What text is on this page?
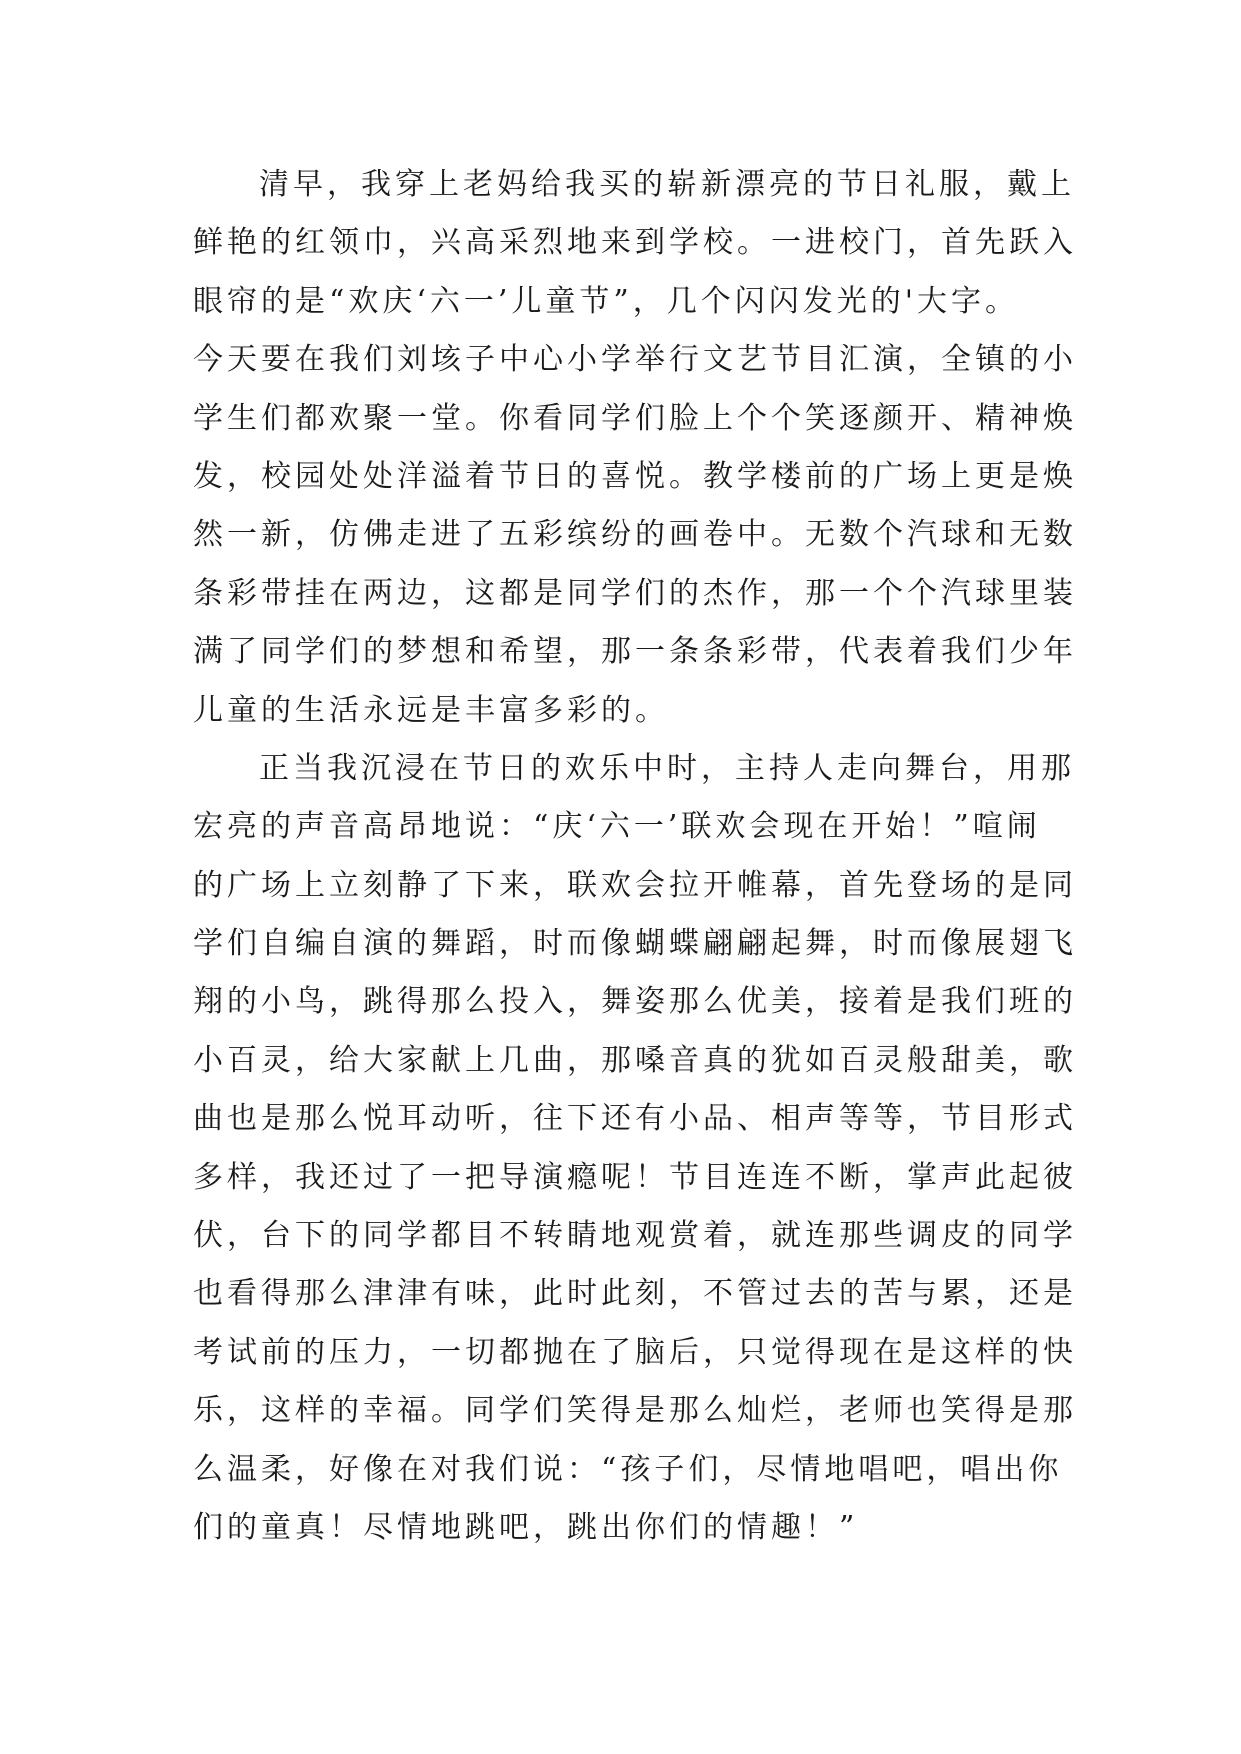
清早，我穿上老妈给我买的崭新漂亮的节日礼服，戴上
鲜艳的红领巾，兴高采烈地来到学校。一进校门，首先跃入
眼帘的是“欢庆‘六一’儿童节”，几个闪闪发光的'大字。
今天要在我们刘垓子中心小学举行文艺节目汇演，全镇的小
学生们都欢聚一堂。你看同学们脸上个个笑逐颜开、精神焕
发，校园处处洋溢着节日的喜悦。教学楼前的广场上更是焕
然一新，仿佛走进了五彩缤纷的画卷中。无数个汽球和无数
条彩带挂在两边，这都是同学们的杰作，那一个个汽球里装
满了同学们的梦想和希望，那一条条彩带，代表着我们少年
儿童的生活永远是丰富多彩的。
正当我沉浸在节日的欢乐中时，主持人走向舞台，用那
宏亮的声音高昂地说：“庆‘六一’联欢会现在开始！”喧闹
的广场上立刻静了下来，联欢会拉开帷幕，首先登场的是同
学们自编自演的舞蹈，时而像蝴蝶翩翩起舞，时而像展翅飞
翔的小鸟，跳得那么投入，舞姿那么优美，接着是我们班的
小百灵，给大家献上几曲，那嗓音真的犹如百灵般甜美，歌
曲也是那么悦耳动听，往下还有小品、相声等等，节目形式
多样，我还过了一把导演瘾呢！节目连连不断，掌声此起彼
伏，台下的同学都目不转睛地观赏着，就连那些调皮的同学
也看得那么津津有味，此时此刻，不管过去的苦与累，还是
考试前的压力，一切都抛在了脑后，只觉得现在是这样的快
乐，这样的幸福。同学们笑得是那么灿烂，老师也笑得是那
么温柔，好像在对我们说：“孩子们，尽情地唱吧，唱出你
们的童真！尽情地跳吧，跳出你们的情趣！”
